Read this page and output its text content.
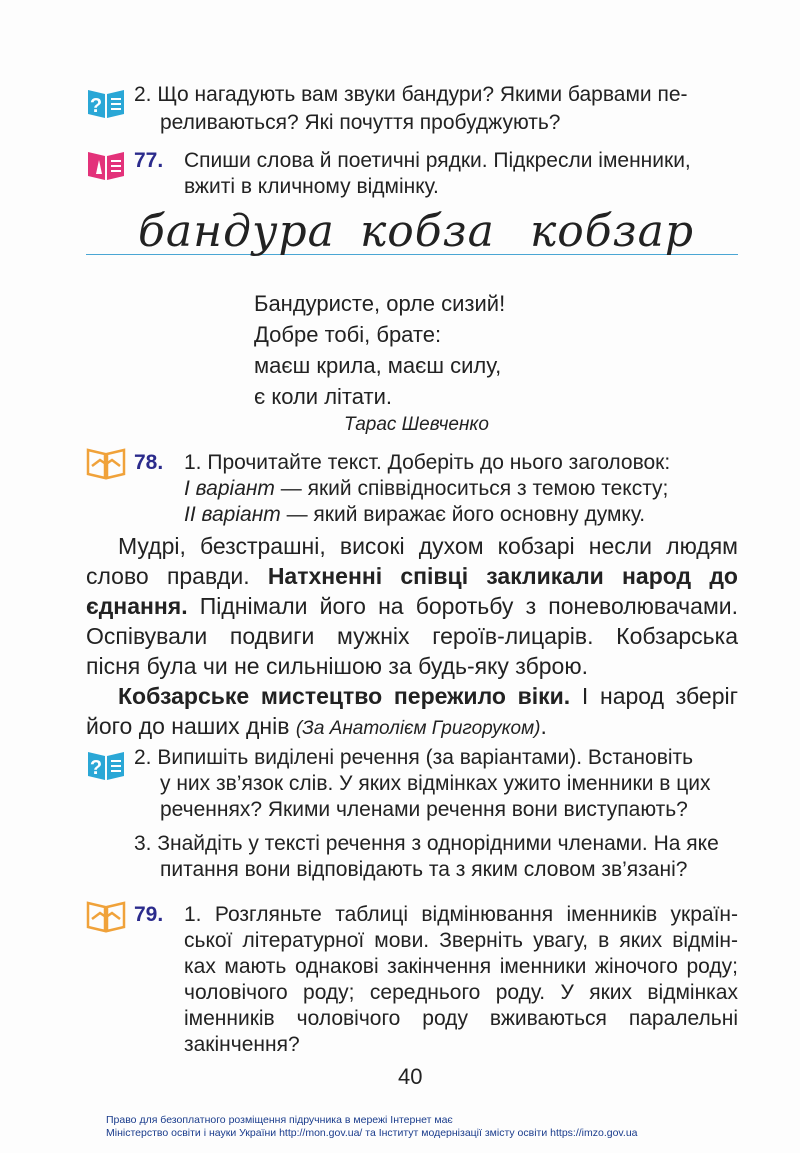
? 2. Що нагадують вам звуки бандури? Якими барвами пе-
реливаються? Які почуття пробуджують?
77. Спиши слова й поетичні рядки. Підкресли іменники,
вжиті в кличному відмінку.
бандура кобза кобзар
Бандуристе, орле сизий!
Добре тобі, брате:
маєш крила, маєш силу,
є коли літати.
Тарас Шевченко
78. 1. Прочитайте текст. Доберіть до нього заголовок:
І варіант — який співвідноситься з темою тексту;
ІІ варіант — який виражає його основну думку.
Мудрі, безстрашні, високі духом кобзарі несли людям
слово правди. Натхненні співці закликали народ до
єднання. Піднімали його на боротьбу з поневолювачами.
Оспівували подвиги мужніх героїв-лицарів. Кобзарська
пісня була чи не сильнішою за будь-яку зброю.
Кобзарське мистецтво пережило віки. І народ зберіг
його до наших днів (За Анатолієм Григоруком).
? 2. Випишіть виділені речення (за варіантами). Встановіть
у них зв’язок слів. У яких відмінках ужито іменники в цих
реченнях? Якими членами речення вони виступають?
3. Знайдіть у тексті речення з однорідними членами. На яке
питання вони відповідають та з яким словом зв’язані?
79. 1. Розгляньте таблиці відмінювання іменників україн-
ської літературної мови. Зверніть увагу, в яких відмін-
ках мають однакові закінчення іменники жіночого роду;
чоловічого роду; середнього роду. У яких відмінках
іменників чоловічого роду вживаються паралельні
закінчення?
40
Право для безоплатного розміщення підручника в мережі Інтернет має
Міністерство освіти і науки України http://mon.gov.ua/ та Інститут модернізації змісту освіти https://imzo.gov.ua
